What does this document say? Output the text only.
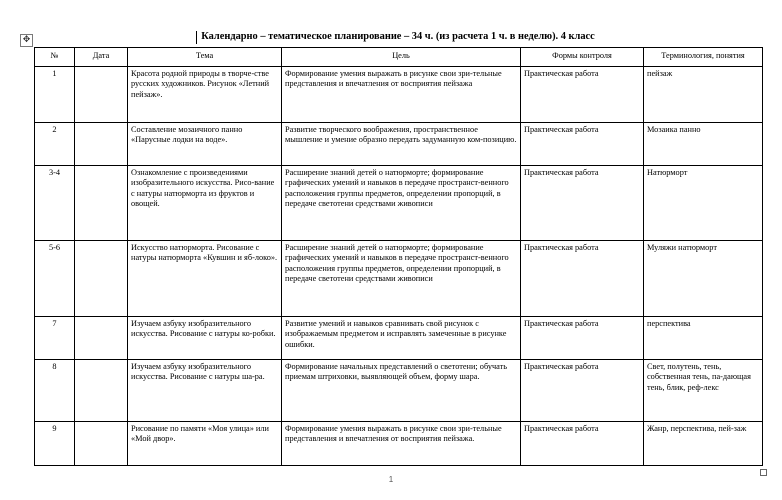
✥	Календарно – тематическое планирование – 34 ч. (из расчета 1 ч. в неделю). 4 класс
№	Дата	Тема	Цель	Формы контроля	Терминология, понятия
1		Красота родной природы в творче-стве русских художников. Рисунок «Летний пейзаж».	Формирование умения выражать в рисунке свои зри-тельные представления и впечатления от восприятия пейзажа	Практическая работа	пейзаж
2		Составление мозаичного панно «Парусные лодки на воде».	Развитие творческого воображения, пространственное мышление и умение образно передать задуманную ком-позицию.	Практическая работа	Мозаика панно
3-4		Ознакомление с произведениями изобразительного искусства. Рисо-вание с натуры натюрморта из фруктов и овощей.	Расширение знаний детей о натюрморте; формирование графических умений и навыков в передаче пространст-венного расположения группы предметов, определении пропорций, в передаче светотени средствами живописи	Практическая работа	Натюрморт
5-6		Искусство натюрморта. Рисование с натуры натюрморта «Кувшин и яб-локо».	Расширение знаний детей о натюрморте; формирование графических умений и навыков в передаче пространст-венного расположения группы предметов, определении пропорций, в передаче светотени средствами живописи	Практическая работа	Муляжи натюрморт
7		Изучаем азбуку изобразительного искусства. Рисование с натуры ко-робки.	Развитие умений и навыков сравнивать свой рисунок с изображаемым предметом и исправлять замеченные в рисунке ошибки.	Практическая работа	перспектива
8		Изучаем азбуку изобразительного искусства. Рисование с натуры ша-ра.	Формирование начальных представлений о светотени; обучать приемам штриховки, выявляющей объем, форму шара.	Практическая работа	Свет, полутень, тень, собственная тень, па-дающая тень, блик, реф-лекс
9		Рисование по памяти «Моя улица» или «Мой двор».	Формирование умения выражать в рисунке свои зри-тельные представления и впечатления от восприятия пейзажа.	Практическая работа	Жанр, перспектива, пей-заж
1
